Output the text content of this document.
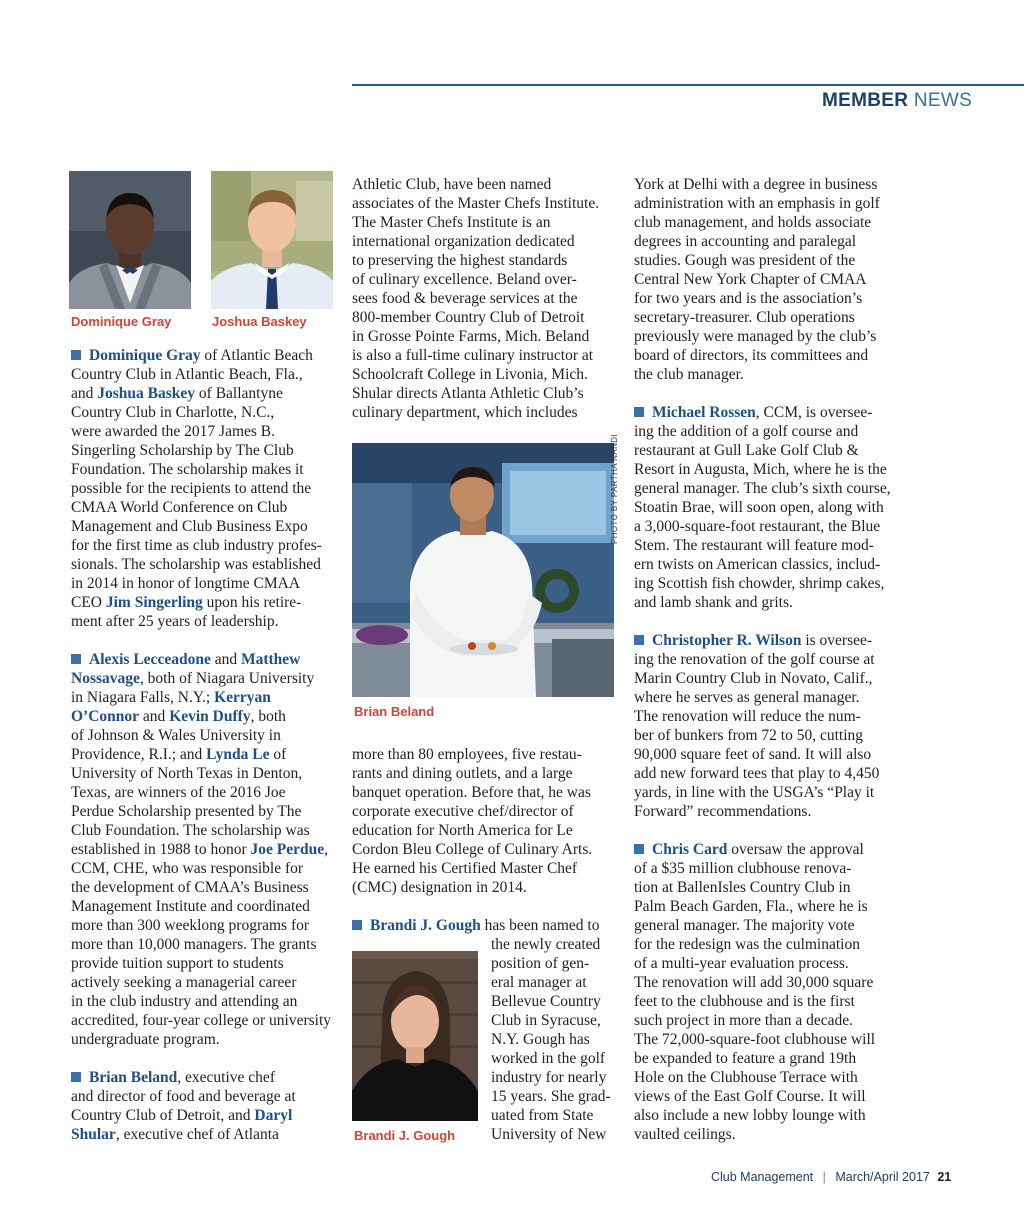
MEMBER NEWS
Dominique Gray	Joshua Baskey
PHOTO BY PARTHA NANDI
Brian Beland
Brandi J. Gough
Dominique Gray of Atlantic Beach
Country Club in Atlantic Beach, Fla.,
and Joshua Baskey of Ballantyne
Country Club in Charlotte, N.C.,
were awarded the 2017 James B.
Singerling Scholarship by The Club
Foundation. The scholarship makes it
possible for the recipients to attend the
CMAA World Conference on Club
Management and Club Business Expo
for the first time as club industry profes-
sionals. The scholarship was established
in 2014 in honor of longtime CMAA
CEO Jim Singerling upon his retire-
ment after 25 years of leadership.
Alexis Lecceadone and Matthew
Nossavage, both of Niagara University
in Niagara Falls, N.Y.; Kerryan
O’Connor and Kevin Duffy, both
of Johnson & Wales University in
Providence, R.I.; and Lynda Le of
University of North Texas in Denton,
Texas, are winners of the 2016 Joe
Perdue Scholarship presented by The
Club Foundation. The scholarship was
established in 1988 to honor Joe Perdue,
CCM, CHE, who was responsible for
the development of CMAA’s Business
Management Institute and coordinated
more than 300 weeklong programs for
more than 10,000 managers. The grants
provide tuition support to students
actively seeking a managerial career
in the club industry and attending an
accredited, four-year college or university
undergraduate program.
Brian Beland, executive chef
and director of food and beverage at
Country Club of Detroit, and Daryl
Shular, executive chef of Atlanta
Athletic Club, have been named
associates of the Master Chefs Institute.
The Master Chefs Institute is an
international organization dedicated
to preserving the highest standards
of culinary excellence. Beland over-
sees food & beverage services at the
800-member Country Club of Detroit
in Grosse Pointe Farms, Mich. Beland
is also a full-time culinary instructor at
Schoolcraft College in Livonia, Mich.
Shular directs Atlanta Athletic Club’s
culinary department, which includes
more than 80 employees, five restau-
rants and dining outlets, and a large
banquet operation. Before that, he was
corporate executive chef/director of
education for North America for Le
Cordon Bleu College of Culinary Arts.
He earned his Certified Master Chef
(CMC) designation in 2014.
Brandi J. Gough has been named to
the newly created
position of gen-
eral manager at
Bellevue Country
Club in Syracuse,
N.Y. Gough has
worked in the golf
industry for nearly
15 years. She grad-
uated from State
University of New
York at Delhi with a degree in business
administration with an emphasis in golf
club management, and holds associate
degrees in accounting and paralegal
studies. Gough was president of the
Central New York Chapter of CMAA
for two years and is the association’s
secretary-treasurer. Club operations
previously were managed by the club’s
board of directors, its committees and
the club manager.
Michael Rossen, CCM, is oversee-
ing the addition of a golf course and
restaurant at Gull Lake Golf Club &
Resort in Augusta, Mich, where he is the
general manager. The club’s sixth course,
Stoatin Brae, will soon open, along with
a 3,000-square-foot restaurant, the Blue
Stem. The restaurant will feature mod-
ern twists on American classics, includ-
ing Scottish fish chowder, shrimp cakes,
and lamb shank and grits.
Christopher R. Wilson is oversee-
ing the renovation of the golf course at
Marin Country Club in Novato, Calif.,
where he serves as general manager.
The renovation will reduce the num-
ber of bunkers from 72 to 50, cutting
90,000 square feet of sand. It will also
add new forward tees that play to 4,450
yards, in line with the USGA’s “Play it
Forward” recommendations.
Chris Card oversaw the approval
of a $35 million clubhouse renova-
tion at BallenIsles Country Club in
Palm Beach Garden, Fla., where he is
general manager. The majority vote
for the redesign was the culmination
of a multi-year evaluation process.
The renovation will add 30,000 square
feet to the clubhouse and is the first
such project in more than a decade.
The 72,000-square-foot clubhouse will
be expanded to feature a grand 19th
Hole on the Clubhouse Terrace with
views of the East Golf Course. It will
also include a new lobby lounge with
vaulted ceilings.
Club Management | March/April 2017 21
